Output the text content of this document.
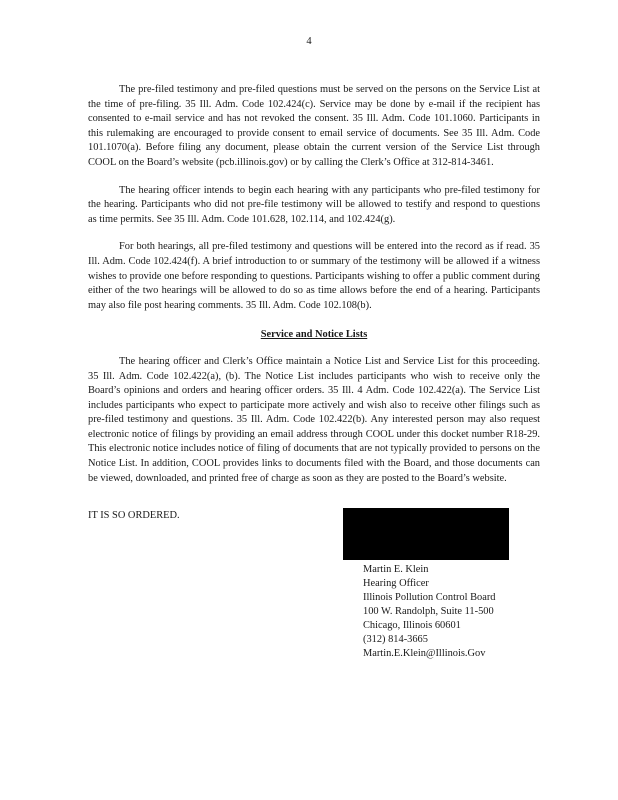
4

The pre-filed testimony and pre-filed questions must be served on the persons on the Service List at the time of pre-filing. 35 Ill. Adm. Code 102.424(c). Service may be done by e-mail if the recipient has consented to e-mail service and has not revoked the consent. 35 Ill. Adm. Code 101.1060. Participants in this rulemaking are encouraged to provide consent to email service of documents. See 35 Ill. Adm. Code 101.1070(a). Before filing any document, please obtain the current version of the Service List through COOL on the Board’s website (pcb.illinois.gov) or by calling the Clerk’s Office at 312-814-3461.

The hearing officer intends to begin each hearing with any participants who pre-filed testimony for the hearing. Participants who did not pre-file testimony will be allowed to testify and respond to questions as time permits. See 35 Ill. Adm. Code 101.628, 102.114, and 102.424(g).

For both hearings, all pre-filed testimony and questions will be entered into the record as if read. 35 Ill. Adm. Code 102.424(f). A brief introduction to or summary of the testimony will be allowed if a witness wishes to provide one before responding to questions. Participants wishing to offer a public comment during either of the two hearings will be allowed to do so as time allows before the end of a hearing. Participants may also file post hearing comments. 35 Ill. Adm. Code 102.108(b).

Service and Notice Lists

The hearing officer and Clerk’s Office maintain a Notice List and Service List for this proceeding. 35 Ill. Adm. Code 102.422(a), (b). The Notice List includes participants who wish to receive only the Board’s opinions and orders and hearing officer orders. 35 Ill. 4 Adm. Code 102.422(a). The Service List includes participants who expect to participate more actively and wish also to receive other filings such as pre-filed testimony and questions. 35 Ill. Adm. Code 102.422(b). Any interested person may also request electronic notice of filings by providing an email address through COOL under this docket number R18-29. This electronic notice includes notice of filing of documents that are not typically provided to persons on the Notice List. In addition, COOL provides links to documents filed with the Board, and those documents can be viewed, downloaded, and printed free of charge as soon as they are posted to the Board’s website.

IT IS SO ORDERED.
Martin E. Klein
Hearing Officer
Illinois Pollution Control Board
100 W. Randolph, Suite 11-500
Chicago, Illinois 60601
(312) 814-3665
Martin.E.Klein@Illinois.Gov
